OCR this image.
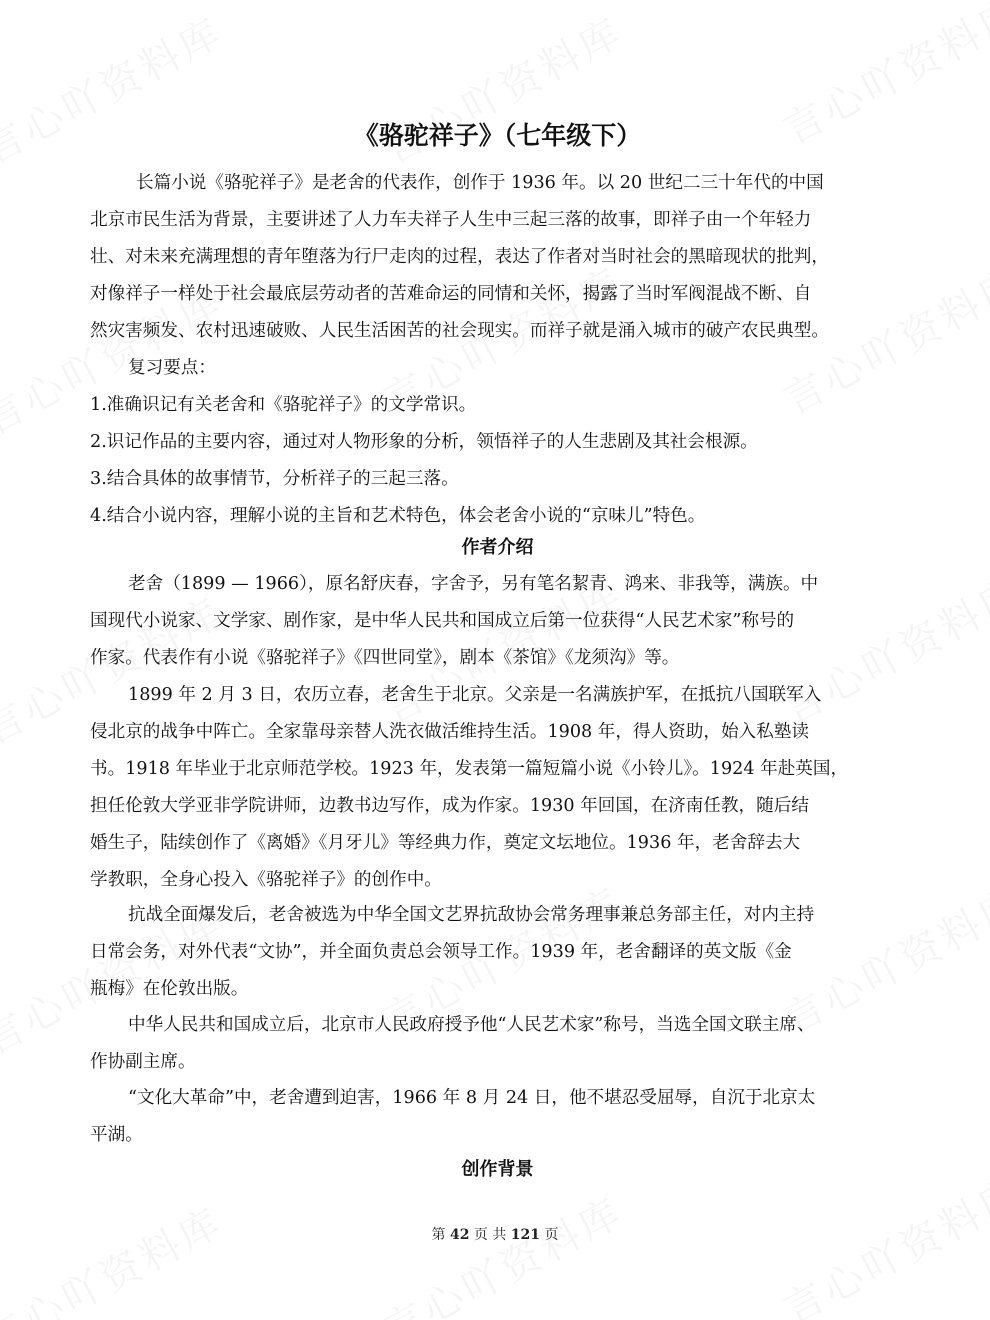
《骆驼祥子》（七年级下）
长篇小说《骆驼祥子》是老舍的代表作，创作于 1936 年。以 20 世纪二三十年代的中国
北京市民生活为背景，主要讲述了人力车夫祥子人生中三起三落的故事，即祥子由一个年轻力
壮、对未来充满理想的青年堕落为行尸走肉的过程，表达了作者对当时社会的黑暗现状的批判，
对像祥子一样处于社会最底层劳动者的苦难命运的同情和关怀，揭露了当时军阀混战不断、自
然灾害频发、农村迅速破败、人民生活困苦的社会现实。而祥子就是涌入城市的破产农民典型。
复习要点：
1.准确识记有关老舍和《骆驼祥子》的文学常识。
2.识记作品的主要内容，通过对人物形象的分析，领悟祥子的人生悲剧及其社会根源。
3.结合具体的故事情节，分析祥子的三起三落。
4.结合小说内容，理解小说的主旨和艺术特色，体会老舍小说的“京味儿”特色。
作者介绍
老舍（1899 — 1966），原名舒庆春，字舍予，另有笔名絜青、鸿来、非我等，满族。中
国现代小说家、文学家、剧作家，是中华人民共和国成立后第一位获得“人民艺术家”称号的
作家。代表作有小说《骆驼祥子》《四世同堂》，剧本《茶馆》《龙须沟》等。
1899 年 2 月 3 日，农历立春，老舍生于北京。父亲是一名满族护军，在抵抗八国联军入
侵北京的战争中阵亡。全家靠母亲替人洗衣做活维持生活。1908 年，得人资助，始入私塾读
书。1918 年毕业于北京师范学校。1923 年，发表第一篇短篇小说《小铃儿》。1924 年赴英国，
担任伦敦大学亚非学院讲师，边教书边写作，成为作家。1930 年回国，在济南任教，随后结
婚生子，陆续创作了《离婚》《月牙儿》等经典力作，奠定文坛地位。1936 年，老舍辞去大
学教职，全身心投入《骆驼祥子》的创作中。
抗战全面爆发后，老舍被选为中华全国文艺界抗敌协会常务理事兼总务部主任，对内主持
日常会务，对外代表“文协”，并全面负责总会领导工作。1939 年，老舍翻译的英文版《金
瓶梅》在伦敦出版。
中华人民共和国成立后，北京市人民政府授予他“人民艺术家”称号，当选全国文联主席、
作协副主席。
“文化大革命”中，老舍遭到迫害，1966 年 8 月 24 日，他不堪忍受屈辱，自沉于北京太
平湖。
创作背景
第 42 页 共 121 页
